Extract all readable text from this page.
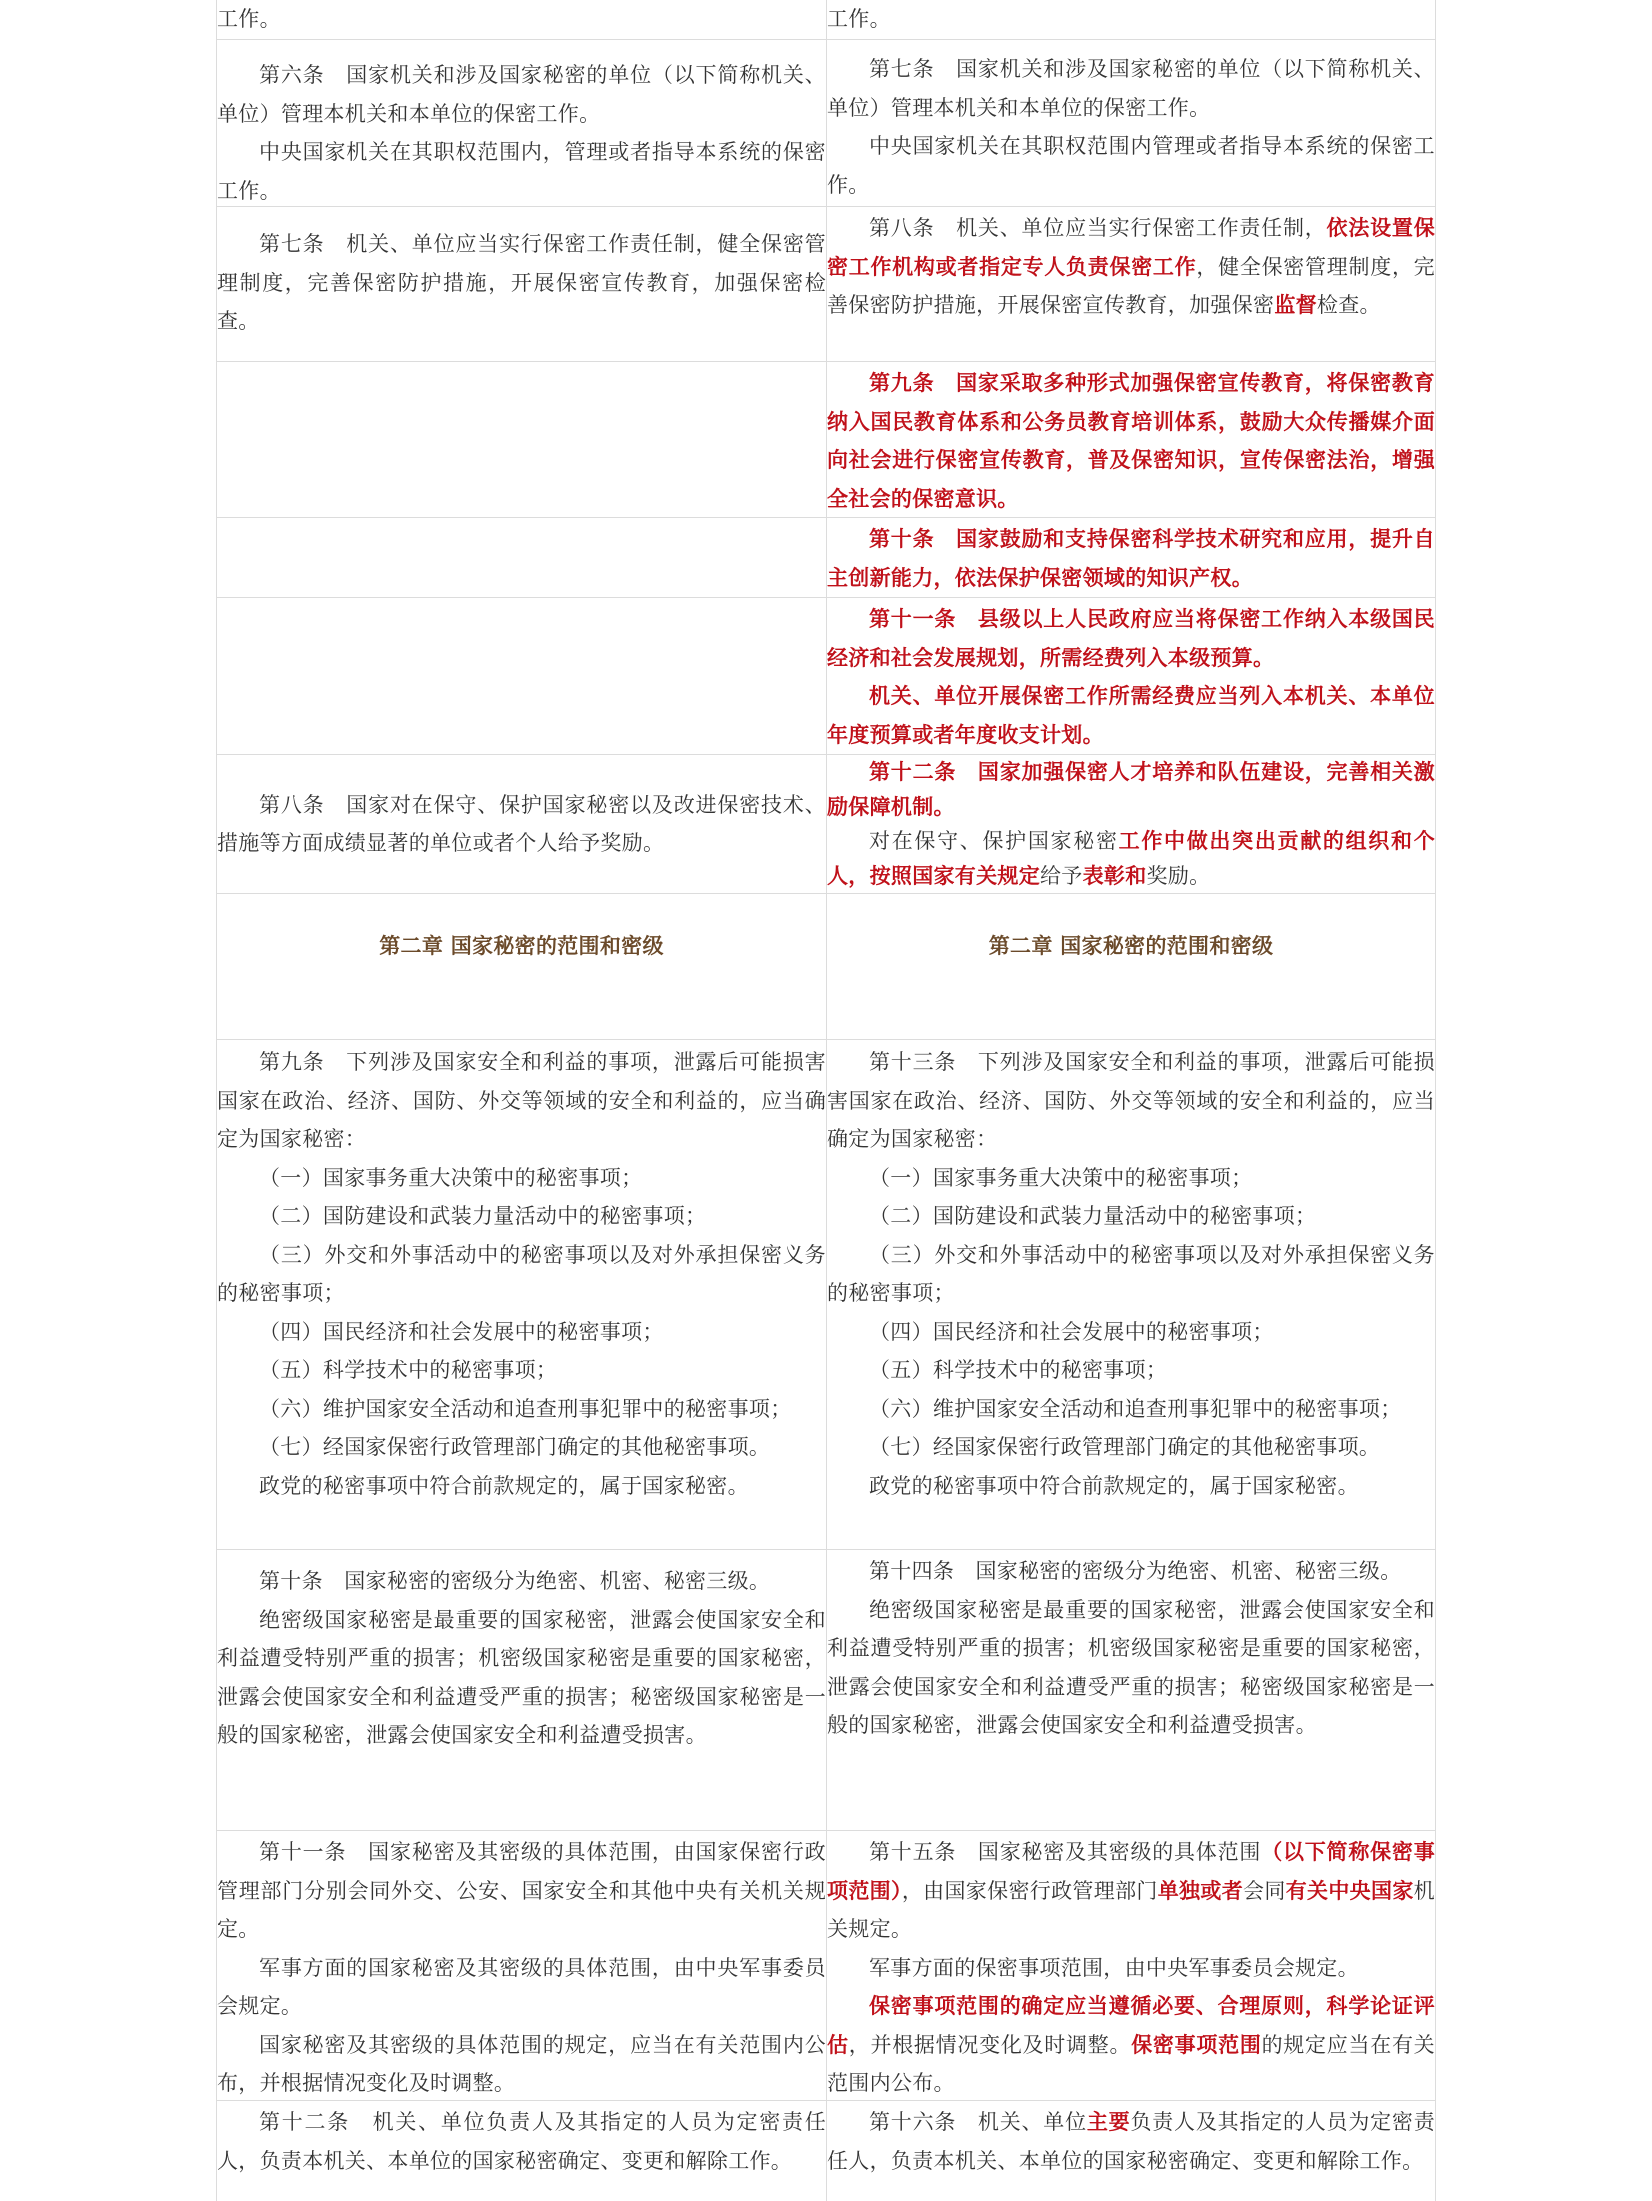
工作。	工作。

第六条　国家机关和涉及国家秘密的单位（以下简称机关、单位）管理本机关和本单位的保密工作。

中央国家机关在其职权范围内，管理或者指导本系统的保密工作。

第七条　国家机关和涉及国家秘密的单位（以下简称机关、单位）管理本机关和本单位的保密工作。

中央国家机关在其职权范围内管理或者指导本系统的保密工作。

第七条　机关、单位应当实行保密工作责任制，健全保密管理制度，完善保密防护措施，开展保密宣传教育，加强保密检查。

第八条　机关、单位应当实行保密工作责任制，依法设置保密工作机构或者指定专人负责保密工作，健全保密管理制度，完善保密防护措施，开展保密宣传教育，加强保密监督检查。

第九条　国家采取多种形式加强保密宣传教育，将保密教育纳入国民教育体系和公务员教育培训体系，鼓励大众传播媒介面向社会进行保密宣传教育，普及保密知识，宣传保密法治，增强全社会的保密意识。

第十条　国家鼓励和支持保密科学技术研究和应用，提升自主创新能力，依法保护保密领域的知识产权。

第十一条　县级以上人民政府应当将保密工作纳入本级国民经济和社会发展规划，所需经费列入本级预算。

机关、单位开展保密工作所需经费应当列入本机关、本单位年度预算或者年度收支计划。

第八条　国家对在保守、保护国家秘密以及改进保密技术、措施等方面成绩显著的单位或者个人给予奖励。

第十二条　国家加强保密人才培养和队伍建设，完善相关激励保障机制。

对在保守、保护国家秘密工作中做出突出贡献的组织和个人，按照国家有关规定给予表彰和奖励。

第二章 国家秘密的范围和密级	第二章 国家秘密的范围和密级

第九条　下列涉及国家安全和利益的事项，泄露后可能损害国家在政治、经济、国防、外交等领域的安全和利益的，应当确定为国家秘密：

（一）国家事务重大决策中的秘密事项；

（二）国防建设和武装力量活动中的秘密事项；

（三）外交和外事活动中的秘密事项以及对外承担保密义务的秘密事项；

（四）国民经济和社会发展中的秘密事项；

（五）科学技术中的秘密事项；

（六）维护国家安全活动和追查刑事犯罪中的秘密事项；

（七）经国家保密行政管理部门确定的其他秘密事项。

政党的秘密事项中符合前款规定的，属于国家秘密。

第十三条　下列涉及国家安全和利益的事项，泄露后可能损害国家在政治、经济、国防、外交等领域的安全和利益的，应当确定为国家秘密：

（一）国家事务重大决策中的秘密事项；

（二）国防建设和武装力量活动中的秘密事项；

（三）外交和外事活动中的秘密事项以及对外承担保密义务的秘密事项；

（四）国民经济和社会发展中的秘密事项；

（五）科学技术中的秘密事项；

（六）维护国家安全活动和追查刑事犯罪中的秘密事项；

（七）经国家保密行政管理部门确定的其他秘密事项。

政党的秘密事项中符合前款规定的，属于国家秘密。

第十条　国家秘密的密级分为绝密、机密、秘密三级。

绝密级国家秘密是最重要的国家秘密，泄露会使国家安全和利益遭受特别严重的损害；机密级国家秘密是重要的国家秘密，泄露会使国家安全和利益遭受严重的损害；秘密级国家秘密是一般的国家秘密，泄露会使国家安全和利益遭受损害。

第十四条　国家秘密的密级分为绝密、机密、秘密三级。

绝密级国家秘密是最重要的国家秘密，泄露会使国家安全和利益遭受特别严重的损害；机密级国家秘密是重要的国家秘密，泄露会使国家安全和利益遭受严重的损害；秘密级国家秘密是一般的国家秘密，泄露会使国家安全和利益遭受损害。

第十一条　国家秘密及其密级的具体范围，由国家保密行政管理部门分别会同外交、公安、国家安全和其他中央有关机关规定。

军事方面的国家秘密及其密级的具体范围，由中央军事委员会规定。

国家秘密及其密级的具体范围的规定，应当在有关范围内公布，并根据情况变化及时调整。

第十五条　国家秘密及其密级的具体范围（以下简称保密事项范围），由国家保密行政管理部门单独或者会同有关中央国家机关规定。

军事方面的保密事项范围，由中央军事委员会规定。

保密事项范围的确定应当遵循必要、合理原则，科学论证评估，并根据情况变化及时调整。保密事项范围的规定应当在有关范围内公布。

第十二条　机关、单位负责人及其指定的人员为定密责任人，负责本机关、本单位的国家秘密确定、变更和解除工作。

第十六条　机关、单位主要负责人及其指定的人员为定密责任人，负责本机关、本单位的国家秘密确定、变更和解除工作。
